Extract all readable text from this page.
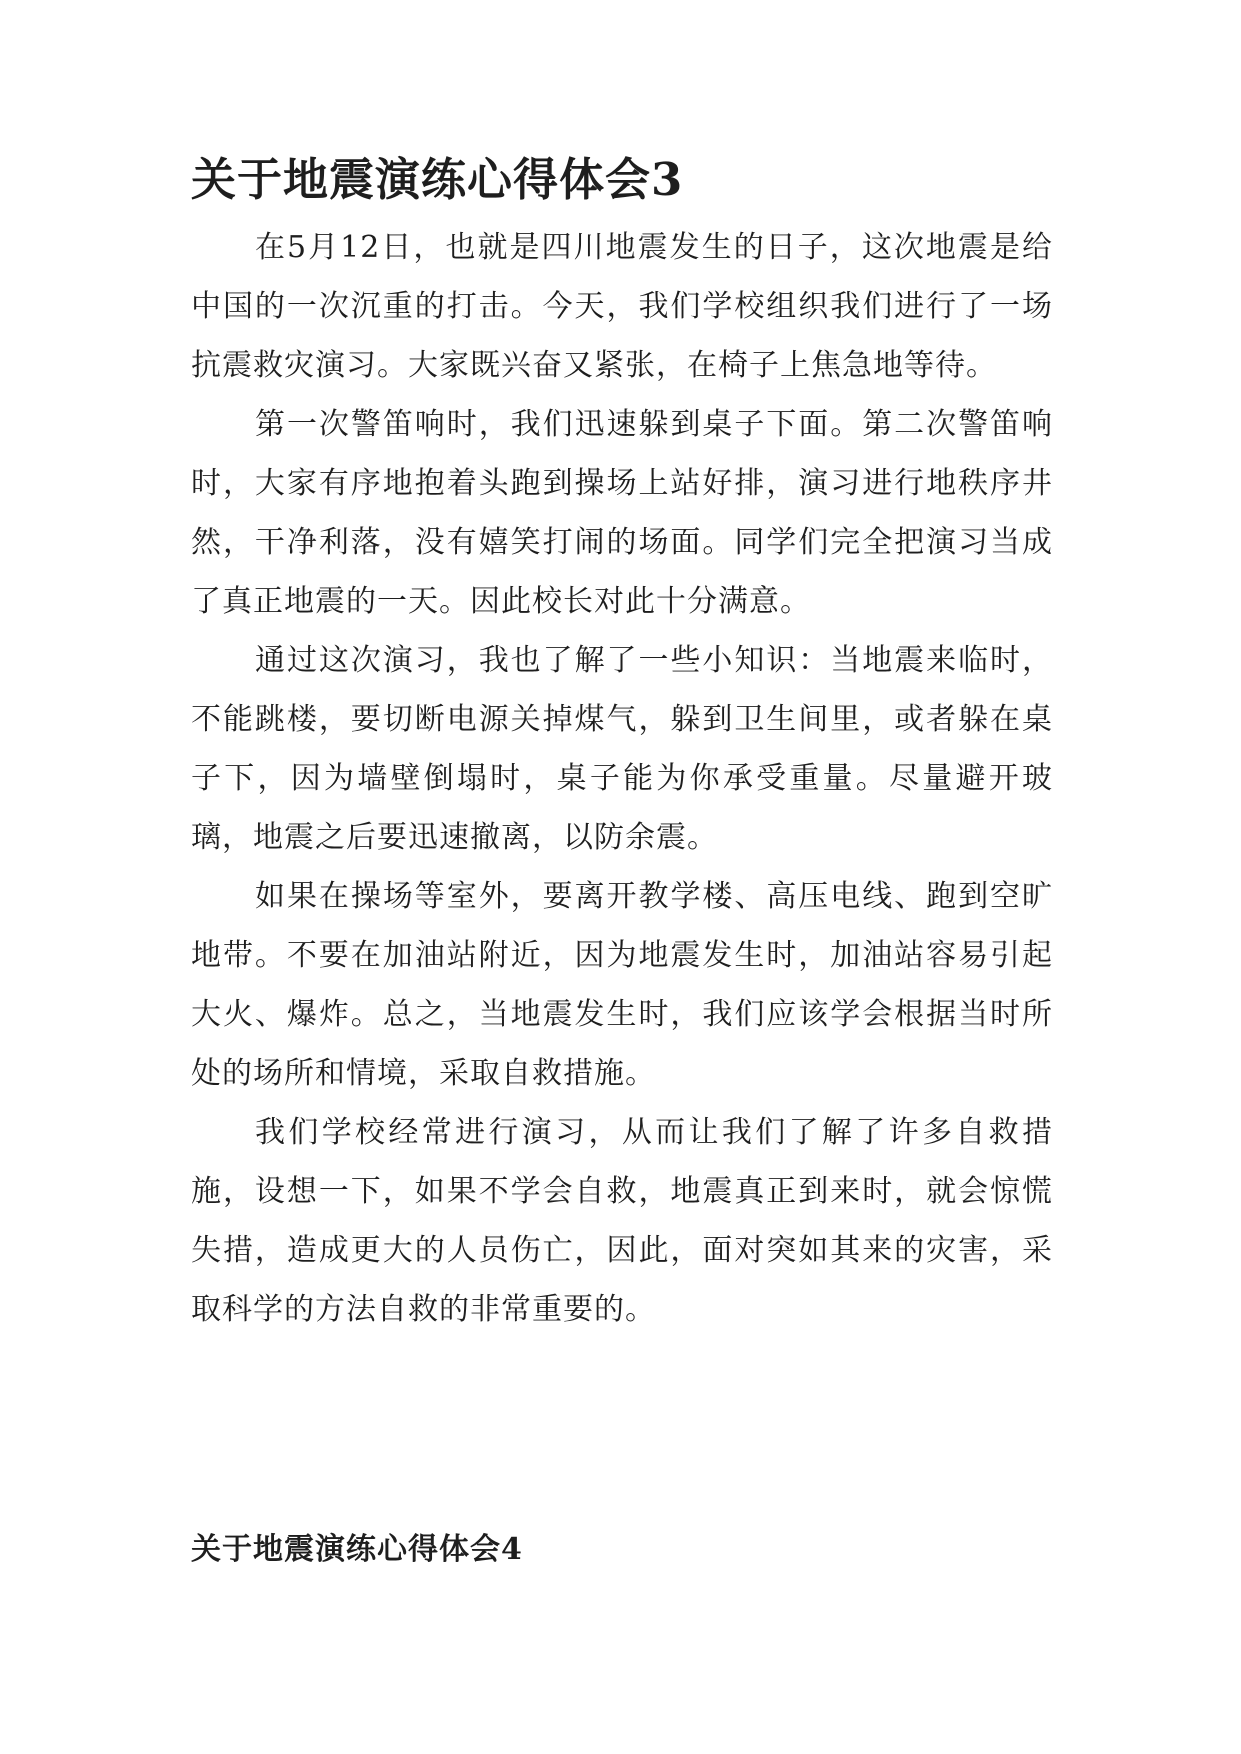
关于地震演练心得体会3

在5月12日，也就是四川地震发生的日子，这次地震是给中国的一次沉重的打击。今天，我们学校组织我们进行了一场抗震救灾演习。大家既兴奋又紧张，在椅子上焦急地等待。

第一次警笛响时，我们迅速躲到桌子下面。第二次警笛响时，大家有序地抱着头跑到操场上站好排，演习进行地秩序井然，干净利落，没有嬉笑打闹的场面。同学们完全把演习当成了真正地震的一天。因此校长对此十分满意。

通过这次演习，我也了解了一些小知识：当地震来临时，不能跳楼，要切断电源关掉煤气，躲到卫生间里，或者躲在桌子下，因为墙壁倒塌时，桌子能为你承受重量。尽量避开玻璃，地震之后要迅速撤离，以防余震。

如果在操场等室外，要离开教学楼、高压电线、跑到空旷地带。不要在加油站附近，因为地震发生时，加油站容易引起大火、爆炸。总之，当地震发生时，我们应该学会根据当时所处的场所和情境，采取自救措施。

我们学校经常进行演习，从而让我们了解了许多自救措施，设想一下，如果不学会自救，地震真正到来时，就会惊慌失措，造成更大的人员伤亡，因此，面对突如其来的灾害，采取科学的方法自救的非常重要的。

关于地震演练心得体会4
